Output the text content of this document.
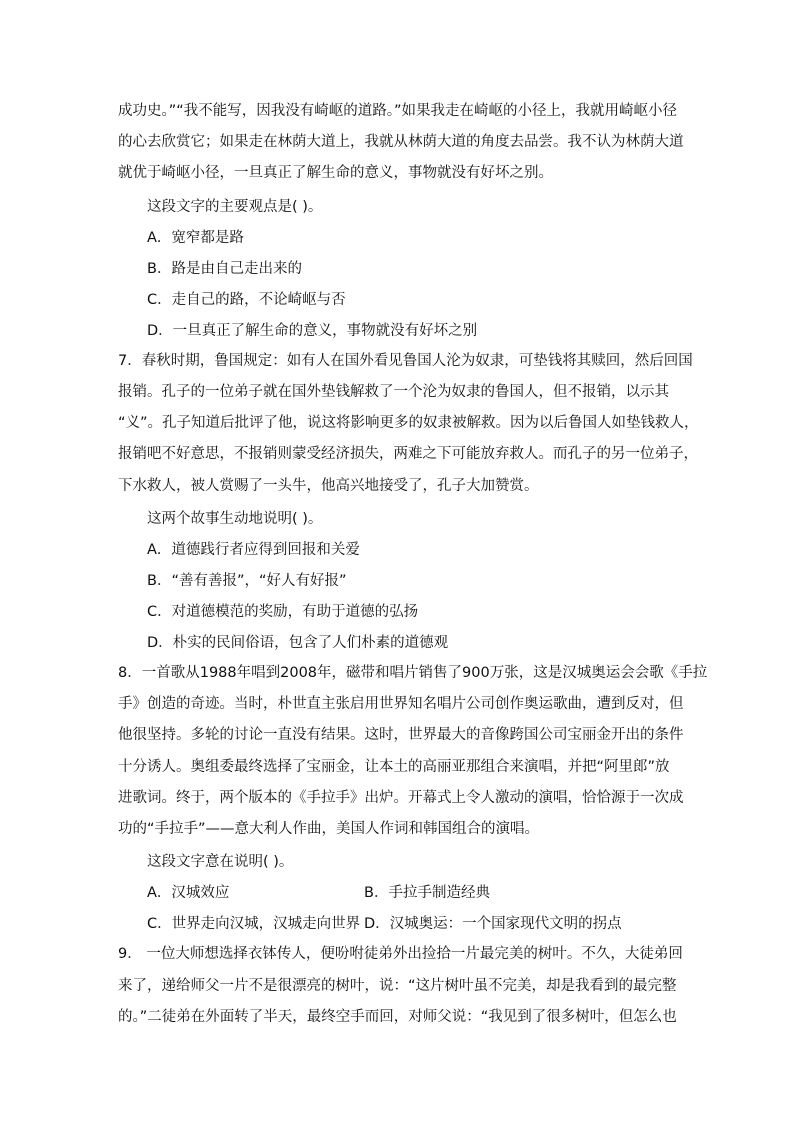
成功史。”“我不能写，因我没有崎岖的道路。”如果我走在崎岖的小径上，我就用崎岖小径
的心去欣赏它；如果走在林荫大道上，我就从林荫大道的角度去品尝。我不认为林荫大道
就优于崎岖小径，一旦真正了解生命的意义，事物就没有好坏之别。
这段文字的主要观点是( )。
A．宽窄都是路
B．路是由自己走出来的
C．走自己的路，不论崎岖与否
D．一旦真正了解生命的意义，事物就没有好坏之别
7．春秋时期，鲁国规定：如有人在国外看见鲁国人沦为奴隶，可垫钱将其赎回，然后回国
报销。孔子的一位弟子就在国外垫钱解救了一个沦为奴隶的鲁国人，但不报销，以示其
“义”。孔子知道后批评了他，说这将影响更多的奴隶被解救。因为以后鲁国人如垫钱救人，
报销吧不好意思，不报销则蒙受经济损失，两难之下可能放弃救人。而孔子的另一位弟子，
下水救人，被人赏赐了一头牛，他高兴地接受了，孔子大加赞赏。
这两个故事生动地说明( )。
A．道德践行者应得到回报和关爱
B．“善有善报”，“好人有好报”
C．对道德模范的奖励，有助于道德的弘扬
D．朴实的民间俗语，包含了人们朴素的道德观
8．一首歌从1988年唱到2008年，磁带和唱片销售了900万张，这是汉城奥运会会歌《手拉
手》创造的奇迹。当时，朴世直主张启用世界知名唱片公司创作奥运歌曲，遭到反对，但
他很坚持。多轮的讨论一直没有结果。这时，世界最大的音像跨国公司宝丽金开出的条件
十分诱人。奥组委最终选择了宝丽金，让本土的高丽亚那组合来演唱，并把“阿里郎”放
进歌词。终于，两个版本的《手拉手》出炉。开幕式上令人激动的演唱，恰恰源于一次成
功的“手拉手”——意大利人作曲，美国人作词和韩国组合的演唱。
这段文字意在说明( )。
A．汉城效应	B．手拉手制造经典
C．世界走向汉城，汉城走向世界 D．汉城奥运：一个国家现代文明的拐点
9． 一位大师想选择衣钵传人，便吩咐徒弟外出捡拾一片最完美的树叶。不久，大徒弟回
来了，递给师父一片不是很漂亮的树叶，说：“这片树叶虽不完美，却是我看到的最完整
的。”二徒弟在外面转了半天，最终空手而回，对师父说：“我见到了很多树叶，但怎么也
